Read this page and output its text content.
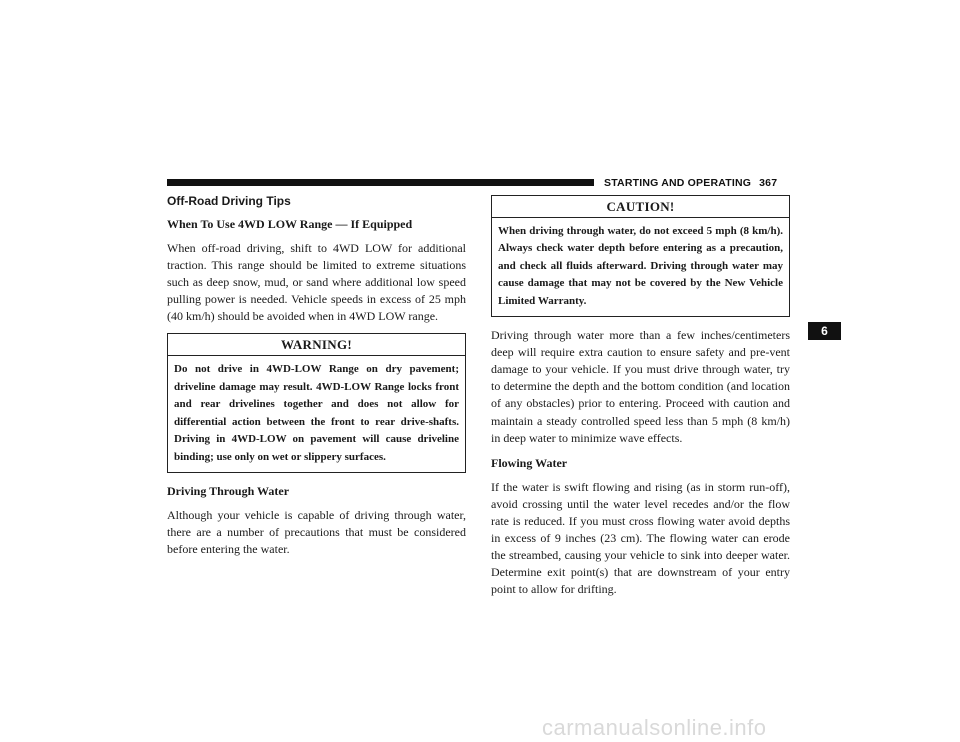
STARTING AND OPERATING 367
6
Off-Road Driving Tips
When To Use 4WD LOW Range — If Equipped

When off-road driving, shift to 4WD LOW for additional traction. This range should be limited to extreme situations such as deep snow, mud, or sand where additional low speed pulling power is needed. Vehicle speeds in excess of 25 mph (40 km/h) should be avoided when in 4WD LOW range.

WARNING!
Do not drive in 4WD-LOW Range on dry pavement; driveline damage may result. 4WD-LOW Range locks front and rear drivelines together and does not allow for differential action between the front to rear drive-shafts. Driving in 4WD-LOW on pavement will cause driveline binding; use only on wet or slippery surfaces.
Driving Through Water

Although your vehicle is capable of driving through water, there are a number of precautions that must be considered before entering the water.

CAUTION!
When driving through water, do not exceed 5 mph (8 km/h). Always check water depth before entering as a precaution, and check all fluids afterward. Driving through water may cause damage that may not be covered by the New Vehicle Limited Warranty.

Driving through water more than a few inches/centimeters deep will require extra caution to ensure safety and pre-vent damage to your vehicle. If you must drive through water, try to determine the depth and the bottom condition (and location of any obstacles) prior to entering. Proceed with caution and maintain a steady controlled speed less than 5 mph (8 km/h) in deep water to minimize wave effects.

Flowing Water

If the water is swift flowing and rising (as in storm run-off), avoid crossing until the water level recedes and/or the flow rate is reduced. If you must cross flowing water avoid depths in excess of 9 inches (23 cm). The flowing water can erode the streambed, causing your vehicle to sink into deeper water. Determine exit point(s) that are downstream of your entry point to allow for drifting.

carmanualsonline.info
